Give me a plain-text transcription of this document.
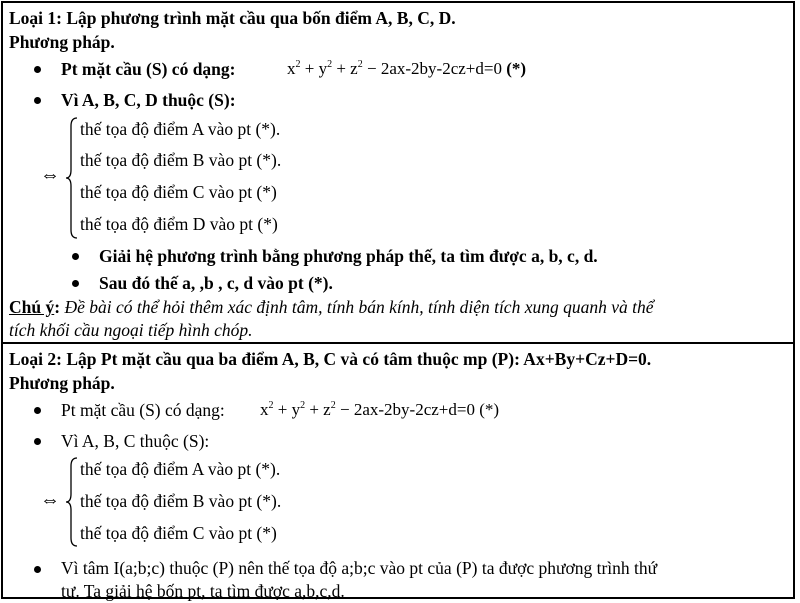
Loại 1: Lập phương trình mặt cầu qua bốn điểm A, B, C, D.
Phương pháp.
Pt mặt cầu (S) có dạng:	$x^2 + y^2 + z^2 - 2ax-2by-2cz+d=0$ (*)
Vì A, B, C, D thuộc (S):
⇔
thế tọa độ điểm A vào pt (*).
thế tọa độ điểm B vào pt (*).
thế tọa độ điểm C vào pt (*)
thế tọa độ điểm D vào pt (*)
Giải hệ phương trình bằng phương pháp thế, ta tìm được a, b, c, d.
Sau đó thế a, ,b , c, d vào pt (*).
Chú ý: Đề bài có thể hỏi thêm xác định tâm, tính bán kính, tính diện tích xung quanh và thể
tích khối cầu ngoại tiếp hình chóp.
Loại 2: Lập Pt mặt cầu qua ba điểm A, B, C và có tâm thuộc mp (P): Ax+By+Cz+D=0.
Phương pháp.
Pt mặt cầu (S) có dạng: $x^2 + y^2 + z^2 - 2ax-2by-2cz+d=0$ (*)
Vì A, B, C thuộc (S):
⇔
thế tọa độ điểm A vào pt (*).
thế tọa độ điểm B vào pt (*).
thế tọa độ điểm C vào pt (*)
Vì tâm I(a;b;c) thuộc (P) nên thế tọa độ a;b;c vào pt của (P) ta được phương trình thứ
tư. Ta giải hệ bốn pt, ta tìm được a,b,c,d.
